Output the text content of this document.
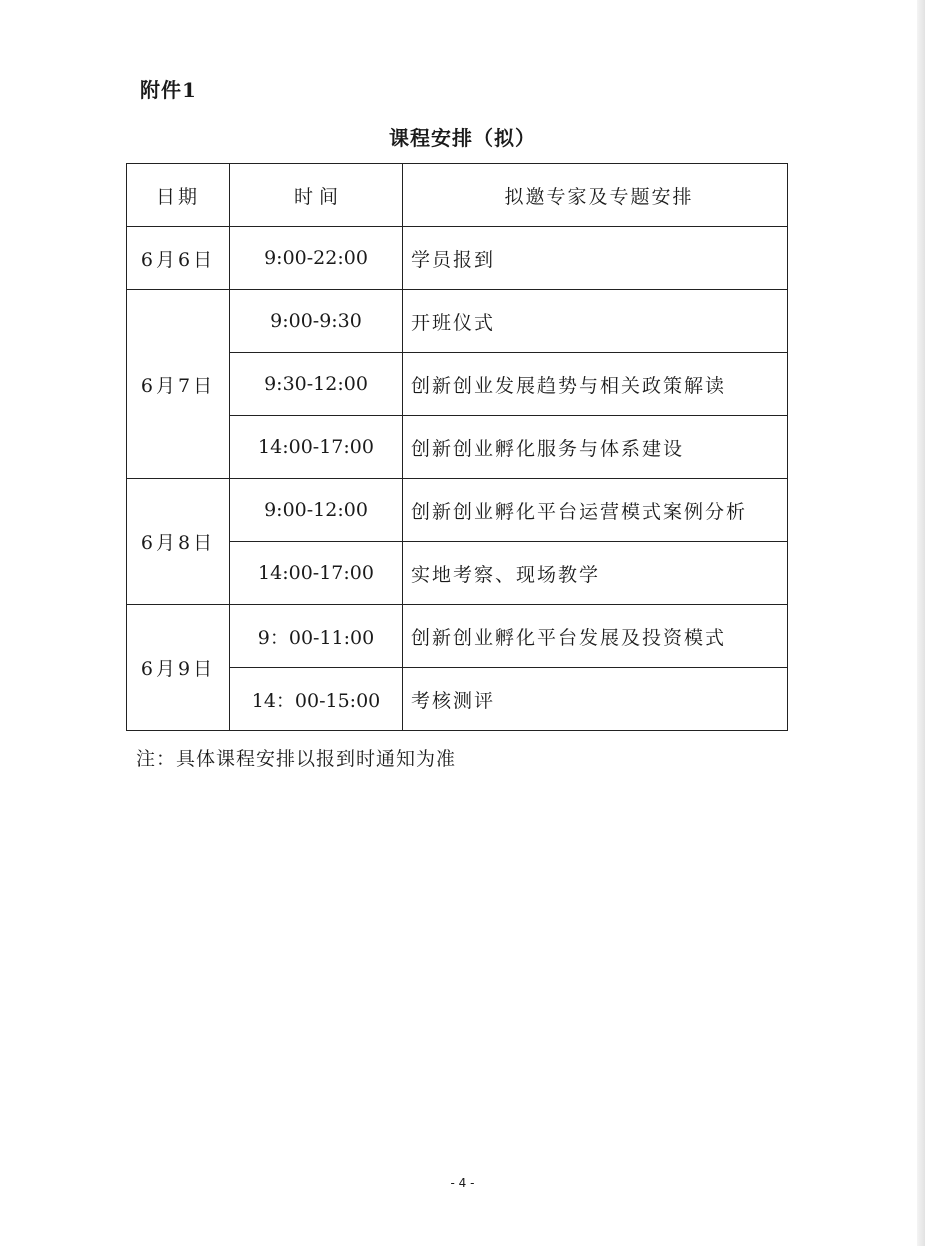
附件1
课程安排（拟）
日期	时 间	拟邀专家及专题安排
6月6日	9:00-22:00	学员报到
6月7日	9:00-9:30	开班仪式
	9:30-12:00	创新创业发展趋势与相关政策解读
	14:00-17:00	创新创业孵化服务与体系建设
6月8日	9:00-12:00	创新创业孵化平台运营模式案例分析
	14:00-17:00	实地考察、现场教学
6月9日	9：00-11:00	创新创业孵化平台发展及投资模式
	14：00-15:00	考核测评
注：具体课程安排以报到时通知为准
- 4 -
